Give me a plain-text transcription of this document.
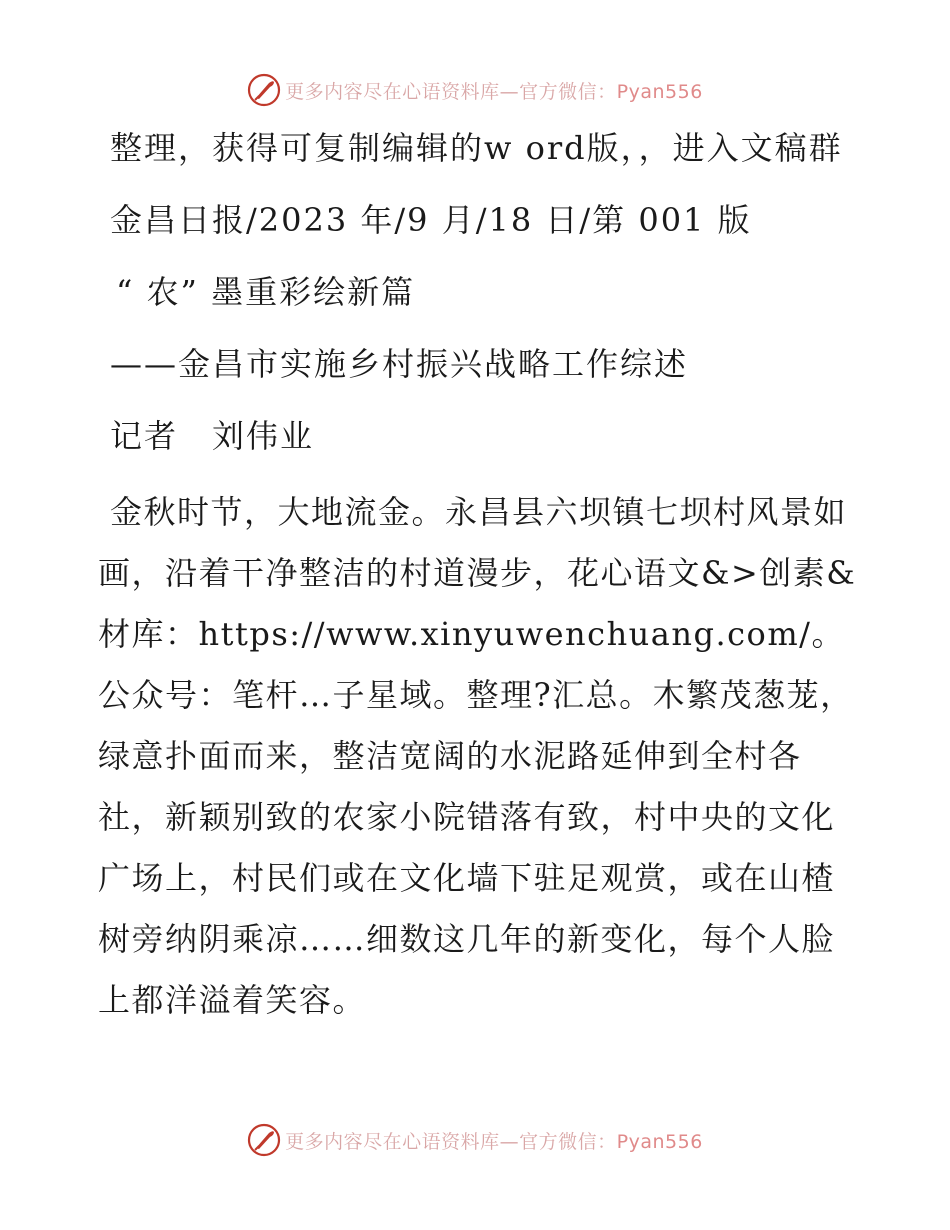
更多内容尽在心语资料库—官方微信：Pyan556

整理，获得可复制编辑的w ord版，，进入文稿群

金昌日报/2023 年/9 月/18 日/第 001 版

“ 农” 墨重彩绘新篇

——金昌市实施乡村振兴战略工作综述

记者　刘伟业

金秋时节，大地流金。永昌县六坝镇七坝村风景如画，沿着干净整洁的村道漫步，花心语文&>创素&材库：https://www.xinyuwenchuang.com/。公众号：笔杆…子星域。整理?汇总。木繁茂葱茏，绿意扑面而来，整洁宽阔的水泥路延伸到全村各社，新颖别致的农家小院错落有致，村中央的文化广场上，村民们或在文化墙下驻足观赏，或在山楂树旁纳阴乘凉……细数这几年的新变化，每个人脸上都洋溢着笑容。

更多内容尽在心语资料库—官方微信：Pyan556
